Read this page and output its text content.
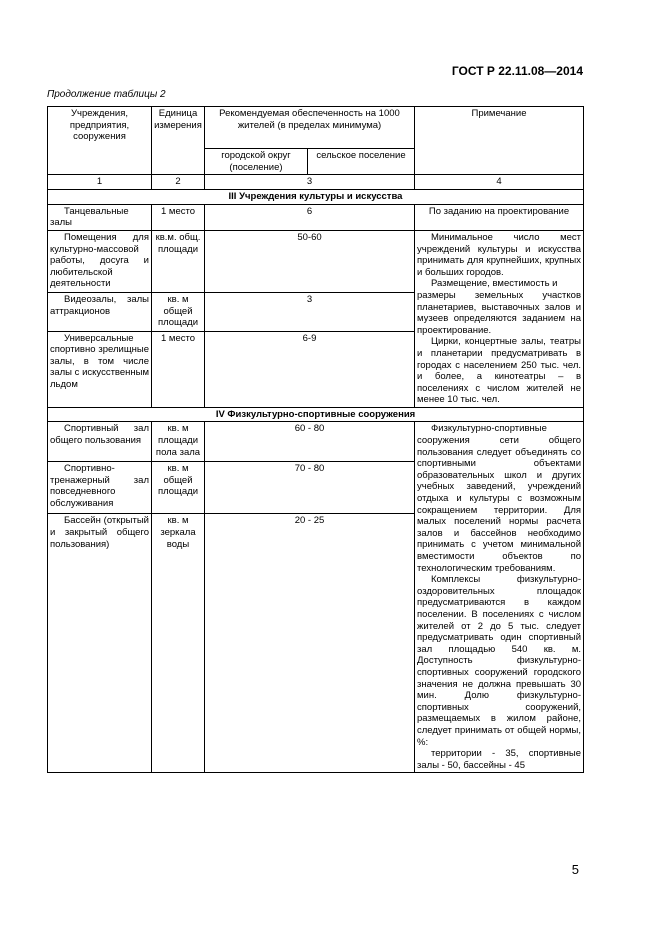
ГОСТ Р 22.11.08—2014
Продолжение таблицы 2
Учреждения, предприятия, сооружения	Единица измерения	Рекомендуемая обеспеченность на 1000 жителей (в пределах минимума)		Примечание
		городской округ (поселение)	сельское поселение	
1	2	3		4
III Учреждения культуры и искусства				
Танцевальные залы	1 место	6		По заданию на проектирование
Помещения для культурно-массовой работы, досуга и любительской деятельности	кв.м. общ. площади	50-60		Минимальное число мест учреждений культуры и искусства принимать для крупнейших, крупных и больших городов.

Размещение, вместимость и

размеры земельных участков планетариев, выставочных залов и музеев определяются заданием на проектирование.

Цирки, концертные залы, театры и планетарии предусматривать в городах с населением 250 тыс. чел. и более, а кинотеатры – в поселениях с числом жителей не менее 10 тыс. чел.

Видеозалы, залы аттракционов	кв. м общей площади	3		
Универсальные спортивно зрелищные залы, в том числе залы с искусственным льдом	1 место	6-9		
IV Физкультурно-спортивные сооружения				
Спортивный зал общего пользования	кв. м площади пола зала	60 - 80		Физкультурно-спортивные сооружения сети общего пользования следует объединять со спортивными объектами образовательных школ и других учебных заведений, учреждений отдыха и культуры с возможным сокращением территории. Для малых поселений нормы расчета залов и бассейнов необходимо принимать с учетом минимальной вместимости объектов по технологическим требованиям.

Комплексы физкультурно-оздоровительных площадок предусматриваются в каждом поселении. В поселениях с числом жителей от 2 до 5 тыс. следует предусматривать один спортивный зал площадью 540 кв. м. Доступность физкультурно-спортивных сооружений городского значения не должна превышать 30 мин. Долю физкультурно-спортивных сооружений, размещаемых в жилом районе, следует принимать от общей нормы, %:

территории - 35, спортивные залы - 50, бассейны - 45

Спортивно-тренажерный зал повседневного обслуживания	кв. м общей площади	70 - 80		
Бассейн (открытый и закрытый общего пользования)	кв. м зеркала воды	20 - 25		
5
